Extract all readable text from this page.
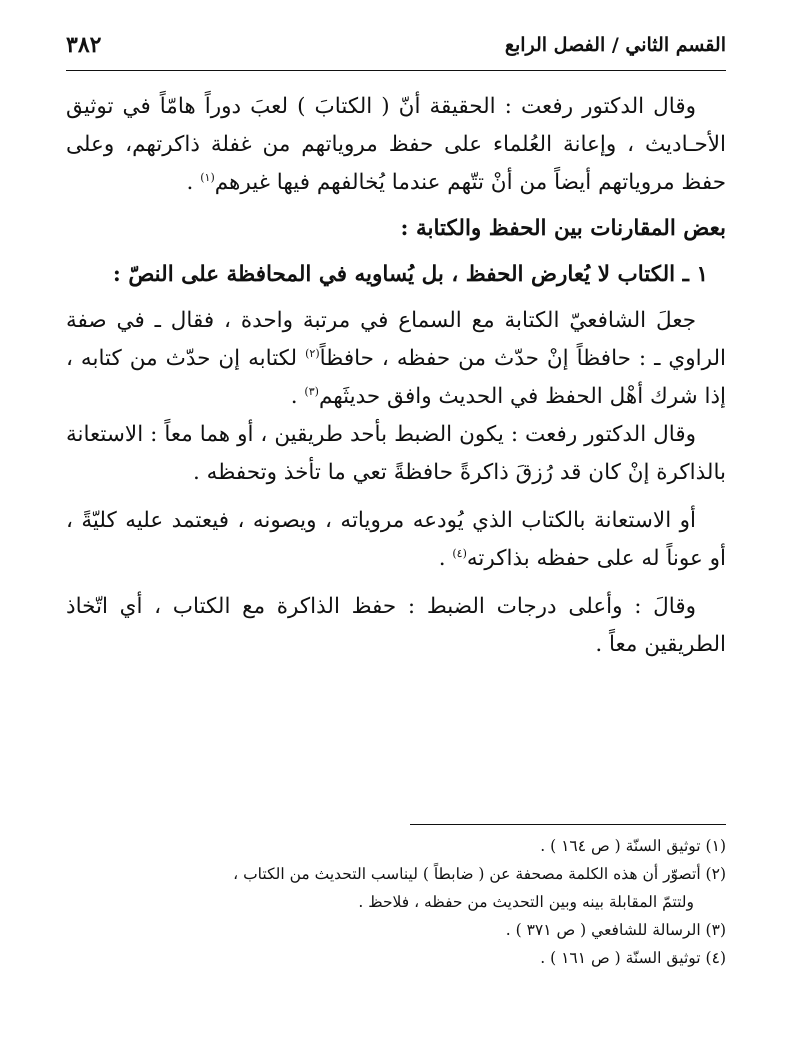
القسم الثاني / الفصل الرابع
٣٨٢

وقال الدكتور رفعت : الحقيقة أنّ ( الكتابَ ) لعبَ دوراً هامّاً في توثيق الأحـاديث ، وإعانة العُلماء على حفظ مروياتهم من غفلة ذاكرتهم، وعلى حفظ مروياتهم أيضاً من أنْ تتّهم عندما يُخالفهم فيها غيرهم$^{(١)}$ .

بعض المقارنات بين الحفظ والكتابة :

١ ـ الكتاب لا يُعارض الحفظ ، بل يُساويه في المحافظة على النصّ :

جعلَ الشافعيّ الكتابة مع السماع في مرتبة واحدة ، فقال ـ في صفة الراوي ـ : حافظاً إنْ حدّث من حفظه ، حافظاً$^{(٢)}$ لكتابه إن حدّث من كتابه ، إذا شرك أهْل الحفظ في الحديث وافق حديثَهم$^{(٣)}$ .

وقال الدكتور رفعت : يكون الضبط بأحد طريقين ، أو هما معاً : الاستعانة بالذاكرة إنْ كان قد رُزقَ ذاكرةً حافظةً تعي ما تأخذ وتحفظه .

أو الاستعانة بالكتاب الذي يُودعه مروياته ، ويصونه ، فيعتمد عليه كليّةً ، أو عوناً له على حفظه بذاكرته$^{(٤)}$ .

وقالَ : وأعلى درجات الضبط : حفظ الذاكرة مع الكتاب ، أي اتّخاذ الطريقين معاً .

(١) توثيق السنّة ( ص ١٦٤ ) .

(٢) أتصوّر أن هذه الكلمة مصحفة عن ( ضابطاً ) ليناسب التحديث من الكتاب ،

ولتتمّ المقابلة بينه وبين التحديث من حفظه ، فلاحظ .

(٣) الرسالة للشافعي ( ص ٣٧١ ) .

(٤) توثيق السنّة ( ص ١٦١ ) .
